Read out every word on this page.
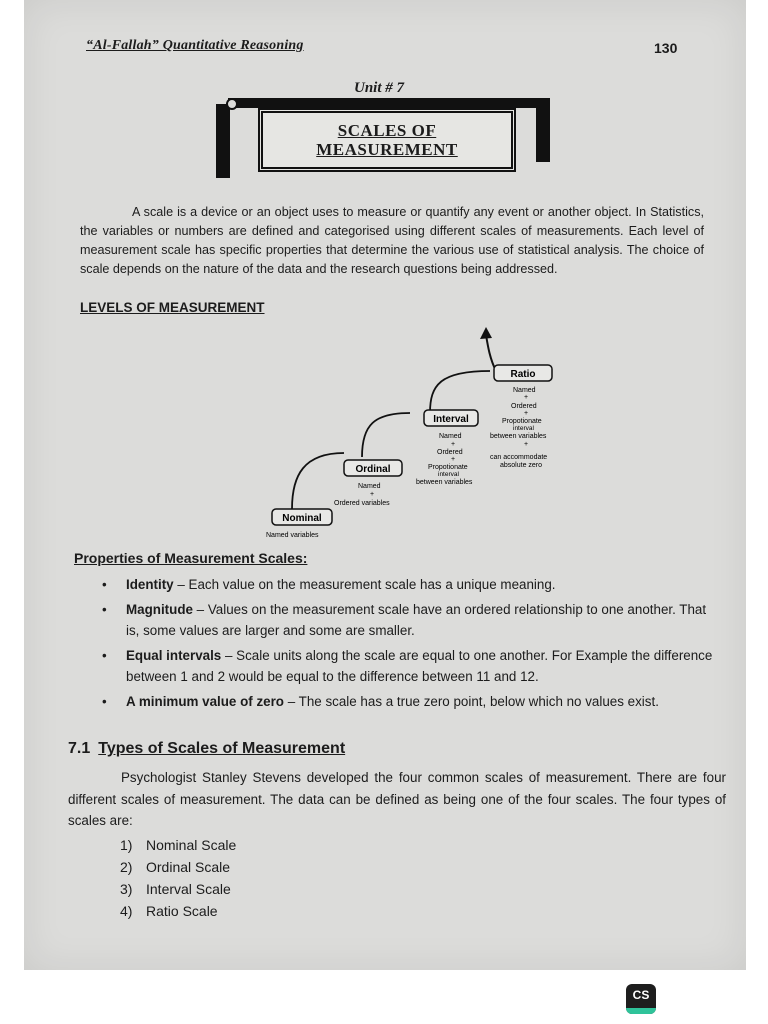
“Al-Fallah” Quantitative Reasoning	130
Unit # 7
SCALES OF
MEASUREMENT
A scale is a device or an object uses to measure or quantify any event or another object. In Statistics, the variables or numbers are defined and categorised using different scales of measurements. Each level of measurement scale has specific properties that determine the various use of statistical analysis. The choice of scale depends on the nature of the data and the research questions being addressed.
LEVELS OF MEASUREMENT
Nominal
Named variables
Ordinal
Named
+
Ordered variables
Interval
Named
+
Ordered
+
Propotionate
interval
between variables
Ratio
Named
+
Ordered
+
Propotionate
interval
between variables
+
can accommodate
absolute zero
Properties of Measurement Scales:
• Identity – Each value on the measurement scale has a unique meaning.
• Magnitude – Values on the measurement scale have an ordered relationship to one another. That is, some values are larger and some are smaller.
• Equal intervals – Scale units along the scale are equal to one another. For Example the difference between 1 and 2 would be equal to the difference between 11 and 12.
• A minimum value of zero – The scale has a true zero point, below which no values exist.
7.1 Types of Scales of Measurement
Psychologist Stanley Stevens developed the four common scales of measurement. There are four different scales of measurement. The data can be defined as being one of the four scales. The four types of scales are:
1) Nominal Scale
2) Ordinal Scale
3) Interval Scale
4) Ratio Scale
CS
